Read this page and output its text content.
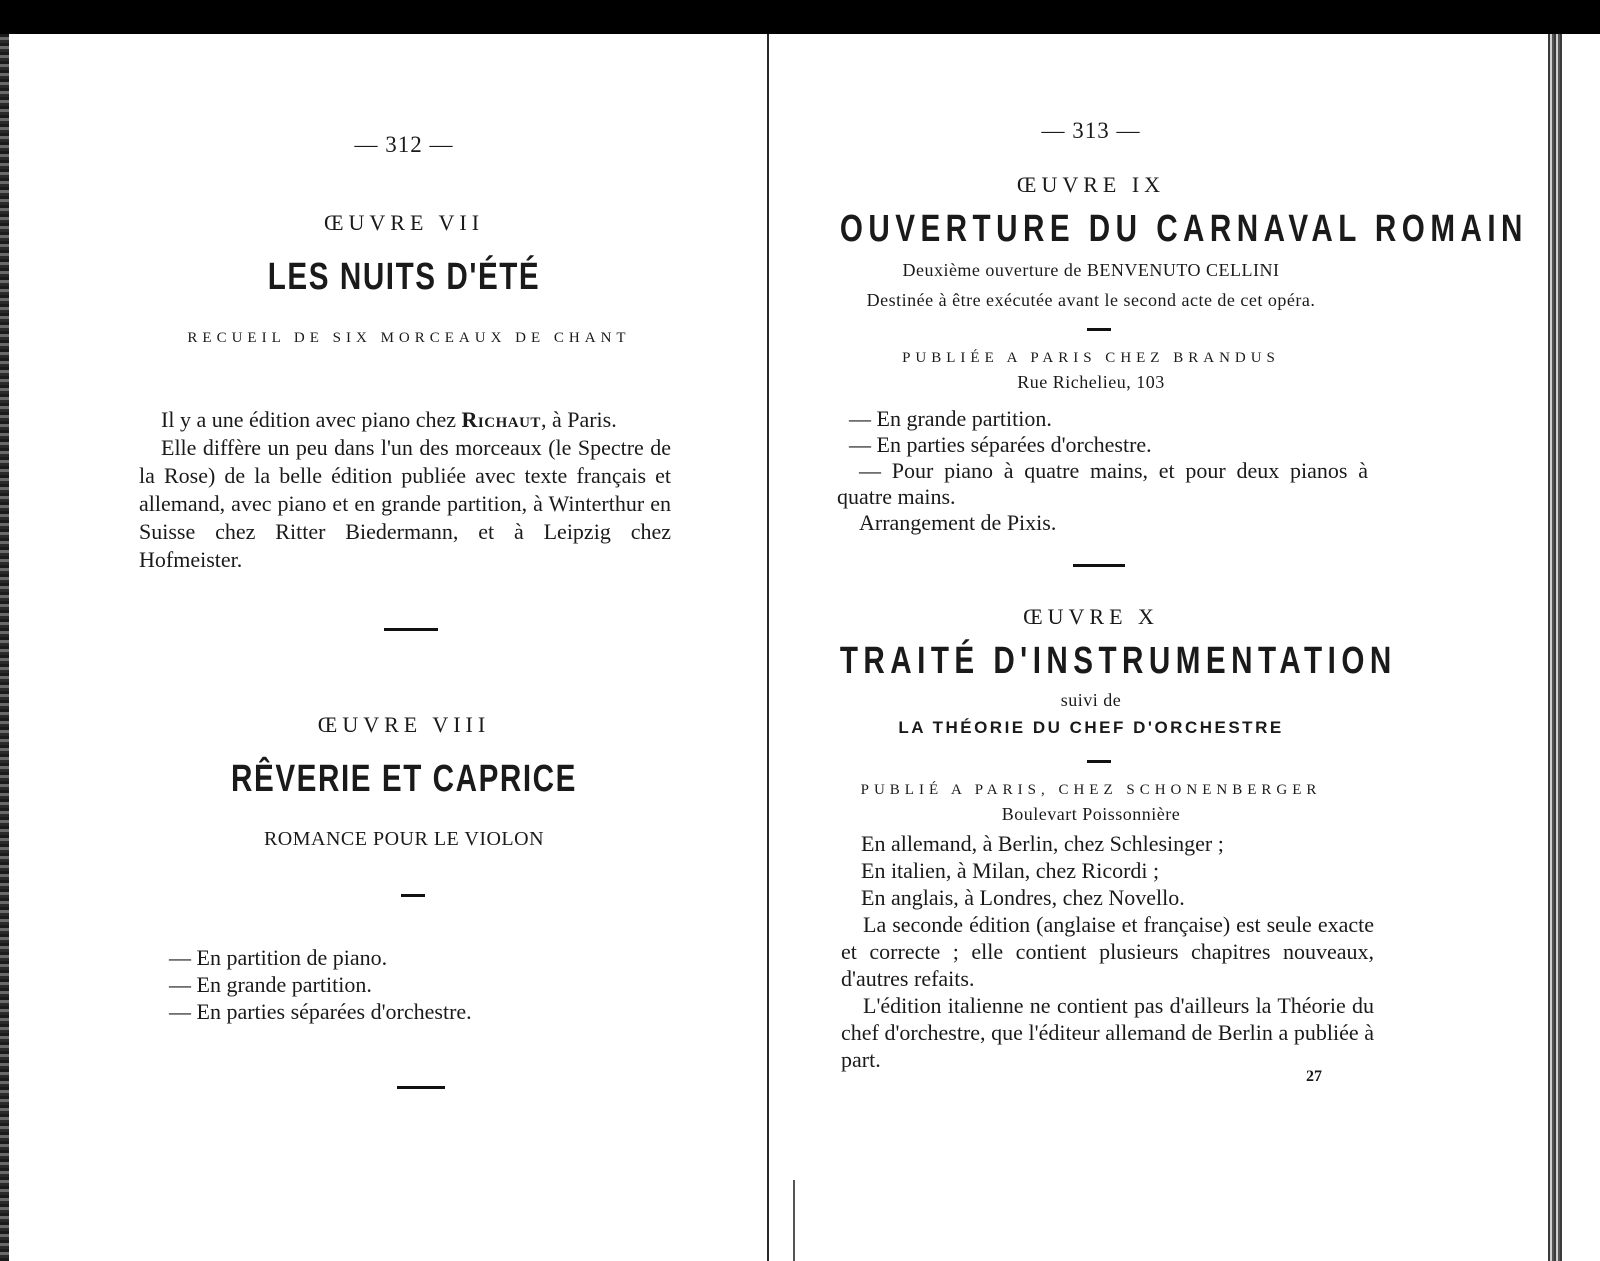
— 312 —
ŒUVRE VII
LES NUITS D'ÉTÉ
RECUEIL DE SIX MORCEAUX DE CHANT

Il y a une édition avec piano chez Richaut, à Paris.

Elle diffère un peu dans l'un des morceaux (le Spectre de la Rose) de la belle édition publiée avec texte français et allemand, avec piano et en grande partition, à Winterthur en Suisse chez Ritter Biedermann, et à Leipzig chez Hofmeister.

ŒUVRE VIII
RÊVERIE ET CAPRICE
ROMANCE POUR LE VIOLON
— En partition de piano.
— En grande partition.
— En parties séparées d'orchestre.
— 313 —
ŒUVRE IX
OUVERTURE DU CARNAVAL ROMAIN
Deuxième ouverture de BENVENUTO CELLINI
Destinée à être exécutée avant le second acte de cet opéra.
PUBLIÉE A PARIS CHEZ BRANDUS
Rue Richelieu, 103
— En grande partition.
— En parties séparées d'orchestre.

— Pour piano à quatre mains, et pour deux pianos à quatre mains.

Arrangement de Pixis.

ŒUVRE X
TRAITÉ D'INSTRUMENTATION
suivi de
LA THÉORIE DU CHEF D'ORCHESTRE
PUBLIÉ A PARIS, CHEZ SCHONENBERGER
Boulevart Poissonnière
En allemand, à Berlin, chez Schlesinger ;
En italien, à Milan, chez Ricordi ;
En anglais, à Londres, chez Novello.

La seconde édition (anglaise et française) est seule exacte et correcte ; elle contient plusieurs chapitres nouveaux, d'autres refaits.

L'édition italienne ne contient pas d'ailleurs la Théorie du chef d'orchestre, que l'éditeur allemand de Berlin a publiée à part.

27
